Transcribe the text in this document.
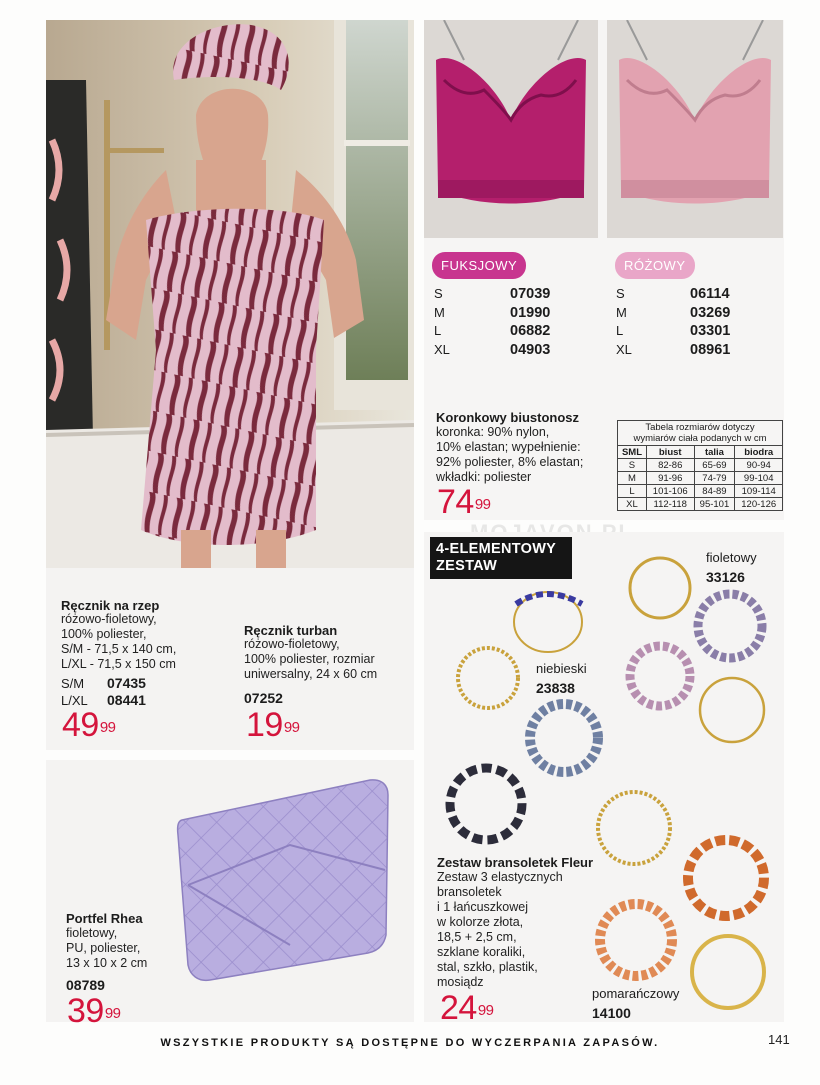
Ręcznik na rzep
różowo-fioletowy,
100% poliester,
S/M - 71,5 x 140 cm,
L/XL - 71,5 x 150 cm
S/M	07435
L/XL	08441
$49^{99}$
Ręcznik turban
różowo-fioletowy,
100% poliester, rozmiar
uniwersalny, 24 x 60 cm
07252
$19^{99}$
FUKSJOWY	RÓŻOWY
S	07039
M	01990
L	06882
XL	04903
S	06114
M	03269
L	03301
XL	08961
Koronkowy biustonosz
koronka: 90% nylon,
10% elastan; wypełnienie:
92% poliester, 8% elastan;
wkładki: poliester
$74^{99}$
Tabela rozmiarów dotyczy
wymiarów ciała podanych w cm
SML	biust	talia	biodra
S	82-86	65-69	90-94
M	91-96	74-79	99-104
L	101-106	84-89	109-114
XL	112-118	95-101	120-126
4-ELEMENTOWY
ZESTAW
fioletowy
33126
niebieski
23838
pomarańczowy
14100
Zestaw bransoletek Fleur
Zestaw 3 elastycznych
bransoletek
i 1 łańcuszkowej
w kolorze złota,
18,5 + 2,5 cm,
szklane koraliki,
stal, szkło, plastik,
mosiądz
$24^{99}$
Portfel Rhea
fioletowy,
PU, poliester,
13 x 10 x 2 cm
08789
$39^{99}$
WSZYSTKIE PRODUKTY SĄ DOSTĘPNE DO WYCZERPANIA ZAPASÓW.	141
